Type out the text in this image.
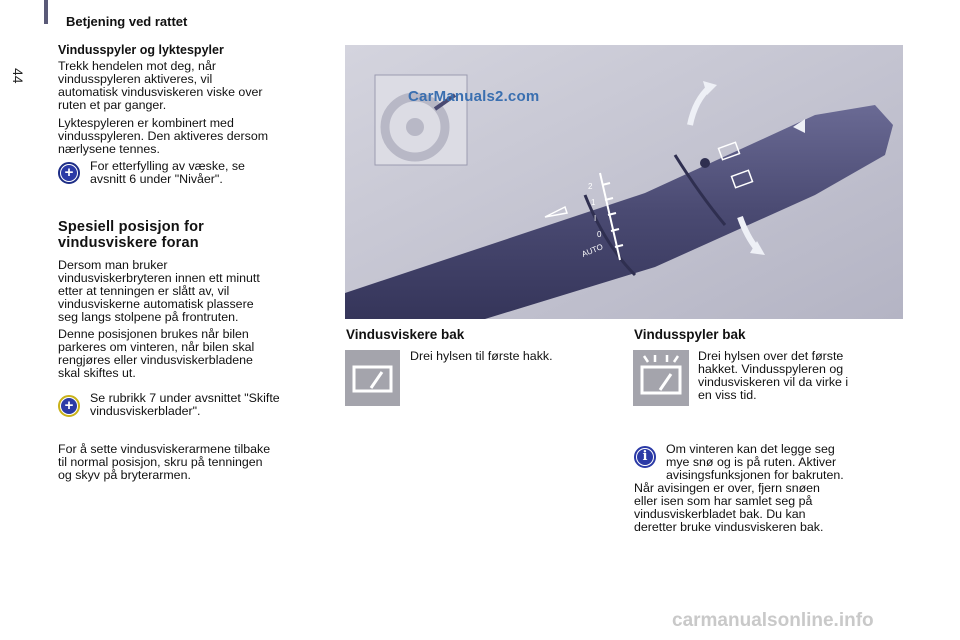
44
Betjening ved rattet
Vindusspyler og lyktespyler
Trekk hendelen mot deg, når
vindusspyleren aktiveres, vil
automatisk vindusviskeren viske over
ruten et par ganger.
Lyktespyleren er kombinert med
vindusspyleren. Den aktiveres dersom
nærlysene tennes.
+ For etterfylling av væske, se
avsnitt 6 under "Nivåer".
Spesiell posisjon for
vindusviskere foran
Dersom man bruker
vindusviskerbryteren innen ett minutt
etter at tenningen er slått av, vil
vindusviskerne automatisk plassere
seg langs stolpene på frontruten.
Denne posisjonen brukes når bilen
parkeres om vinteren, når bilen skal
rengjøres eller vindusviskerbladene
skal skiftes ut.
+ Se rubrikk 7 under avsnittet "Skifte
vindusviskerblader".
For å sette vindusviskerarmene tilbake
til normal posisjon, skru på tenningen
og skyv på bryterarmen.
2
1
I
0
AUTO
CarManuals2.com
Vindusviskere bak
Drei hylsen til første hakk.
Vindusspyler bak
Drei hylsen over det første
hakket. Vindusspyleren og
vindusviskeren vil da virke i
en viss tid.
i	Om vinteren kan det legge seg
mye snø og is på ruten. Aktiver
avisingsfunksjonen for bakruten.
Når avisingen er over, fjern snøen
eller isen som har samlet seg på
vindusviskerbladet bak. Du kan
deretter bruke vindusviskeren bak.
carmanualsonline.info
